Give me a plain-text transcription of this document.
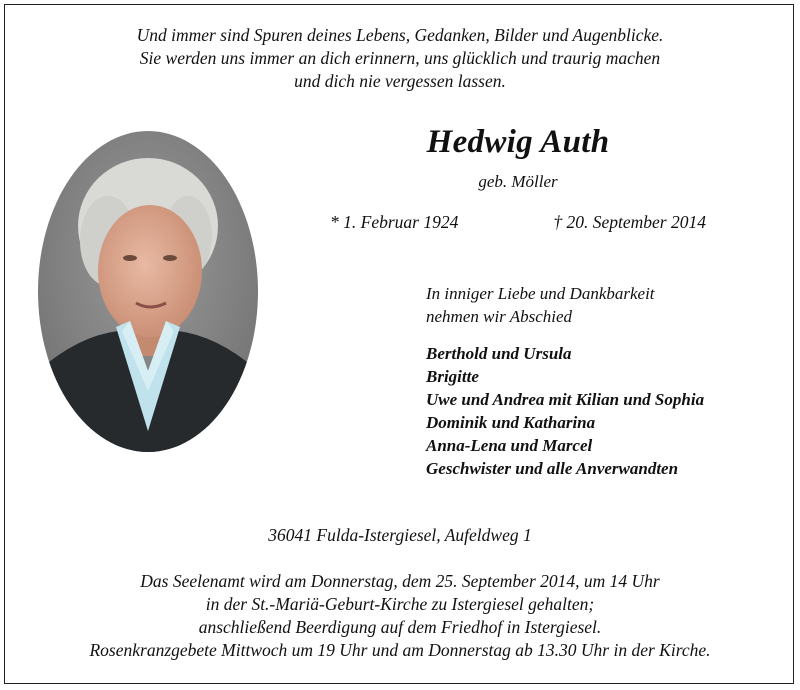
Und immer sind Spuren deines Lebens, Gedanken, Bilder und Augenblicke.
Sie werden uns immer an dich erinnern, uns glücklich und traurig machen
und dich nie vergessen lassen.
Hedwig Auth
geb. Möller
* 1. Februar 1924	† 20. September 2014
In inniger Liebe und Dankbarkeit
nehmen wir Abschied
Berthold und Ursula
Brigitte
Uwe und Andrea mit Kilian und Sophia
Dominik und Katharina
Anna-Lena und Marcel
Geschwister und alle Anverwandten
36041 Fulda-Istergiesel, Aufeldweg 1
Das Seelenamt wird am Donnerstag, dem 25. September 2014, um 14 Uhr
in der St.-Mariä-Geburt-Kirche zu Istergiesel gehalten;
anschließend Beerdigung auf dem Friedhof in Istergiesel.
Rosenkranzgebete Mittwoch um 19 Uhr und am Donnerstag ab 13.30 Uhr in der Kirche.
